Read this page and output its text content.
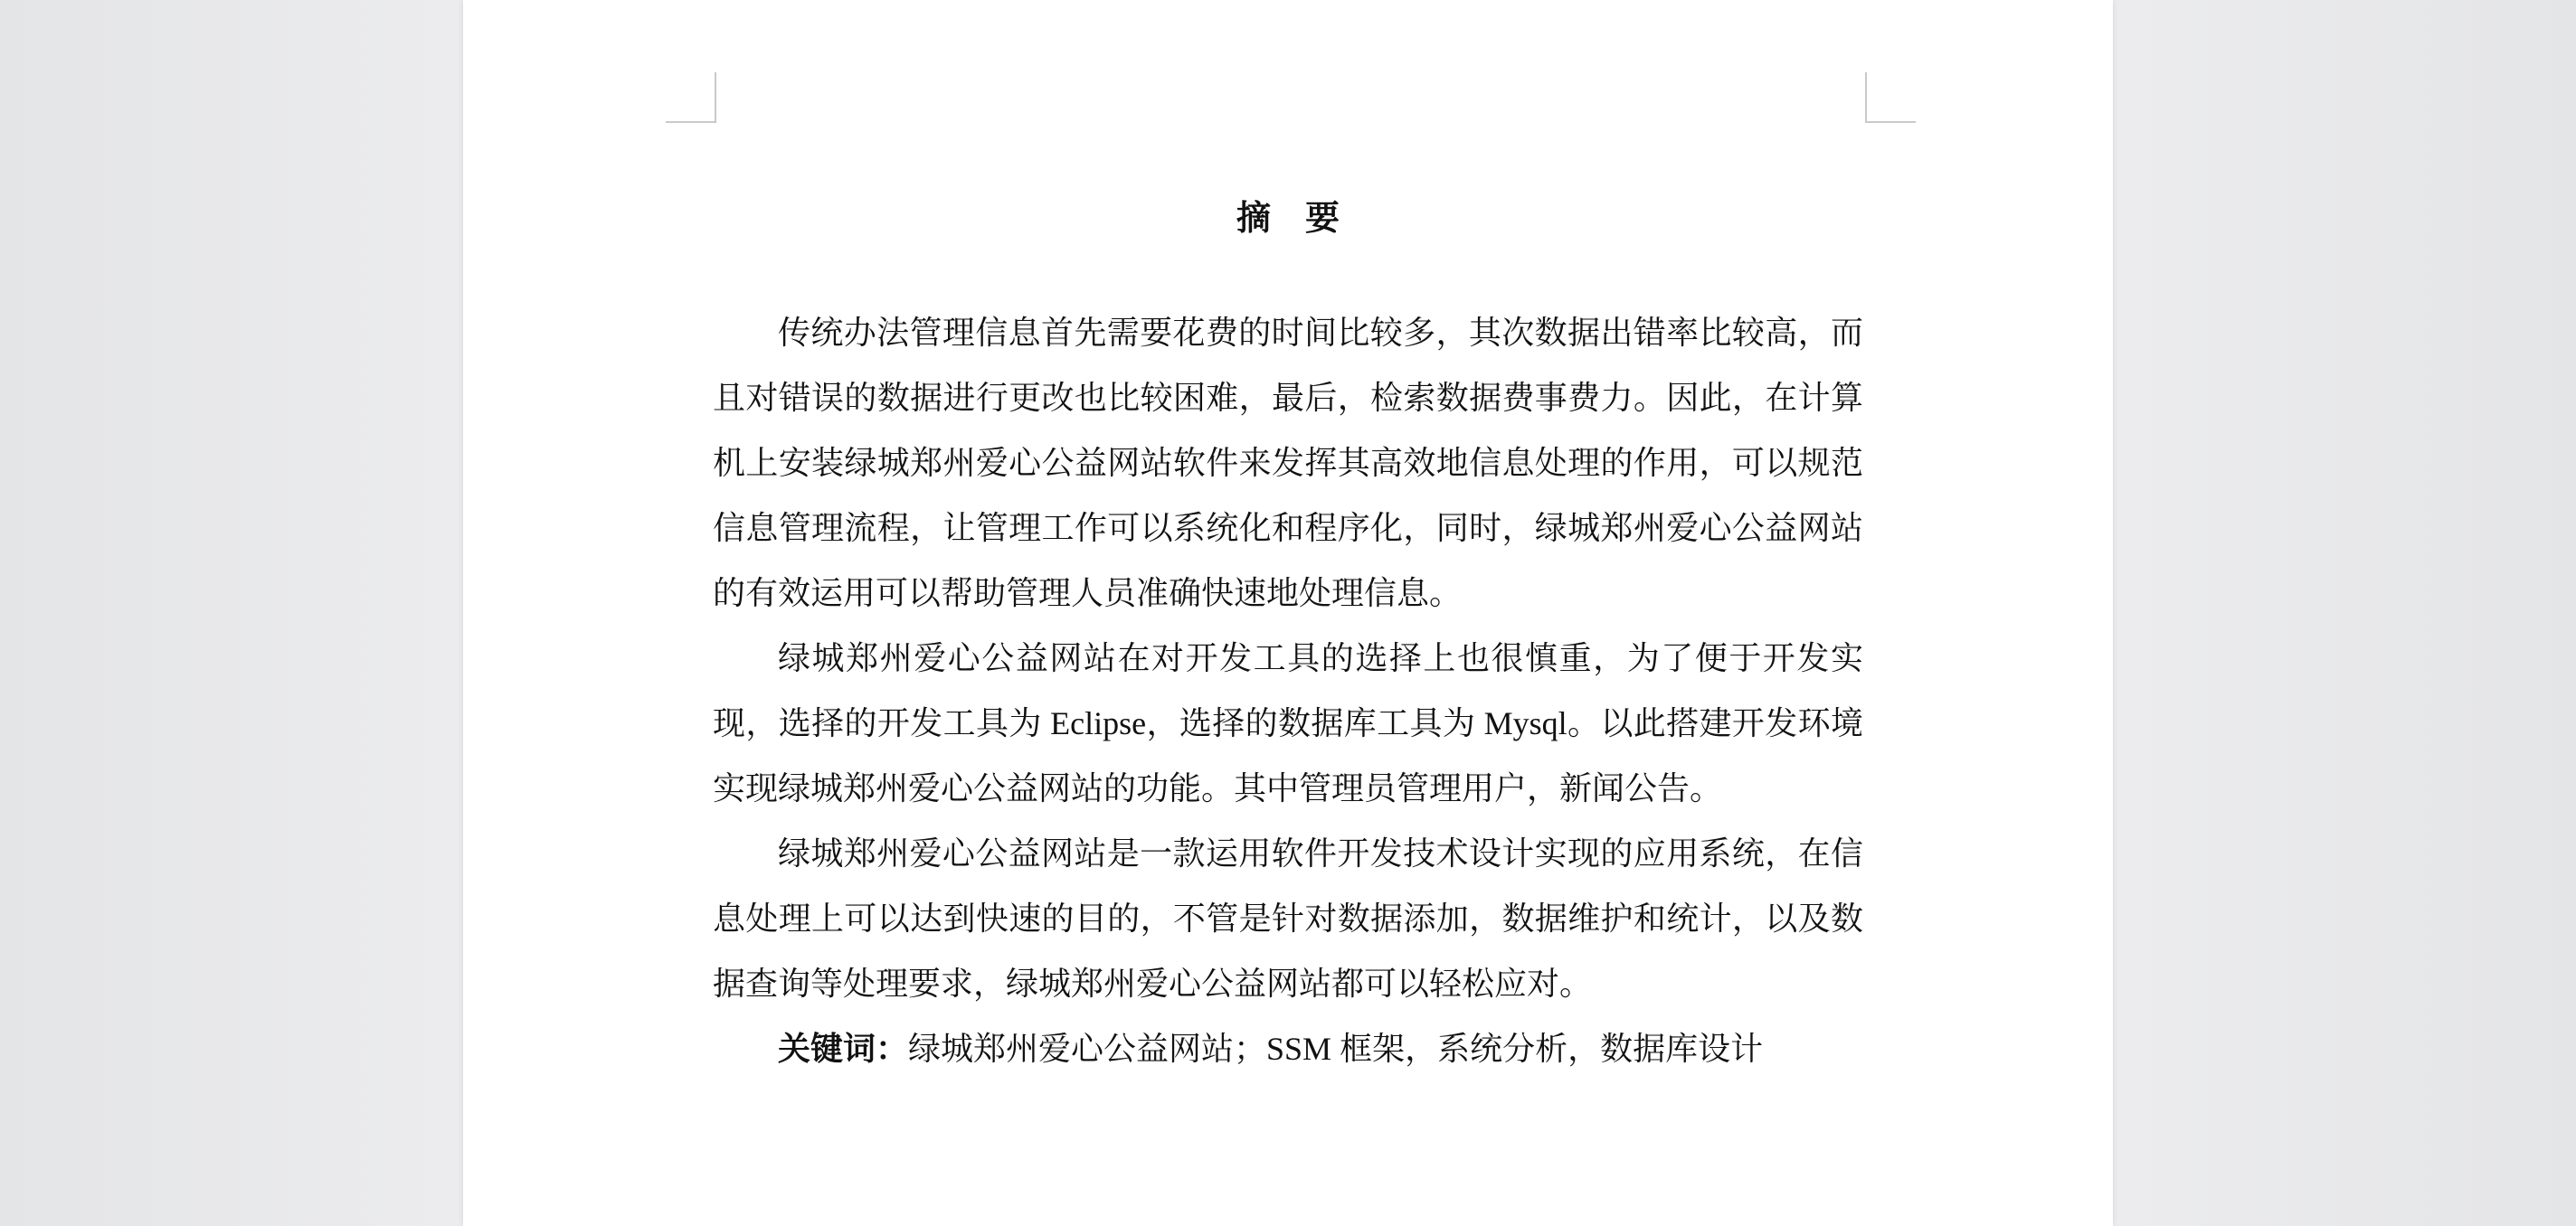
摘 要

传统办法管理信息首先需要花费的时间比较多，其次数据出错率比较高，而且对错误的数据进行更改也比较困难，最后，检索数据费事费力。因此，在计算机上安装绿城郑州爱心公益网站软件来发挥其高效地信息处理的作用，可以规范信息管理流程，让管理工作可以系统化和程序化，同时，绿城郑州爱心公益网站的有效运用可以帮助管理人员准确快速地处理信息。

绿城郑州爱心公益网站在对开发工具的选择上也很慎重，为了便于开发实现，选择的开发工具为 Eclipse，选择的数据库工具为 Mysql。以此搭建开发环境实现绿城郑州爱心公益网站的功能。其中管理员管理用户，新闻公告。

绿城郑州爱心公益网站是一款运用软件开发技术设计实现的应用系统，在信息处理上可以达到快速的目的，不管是针对数据添加，数据维护和统计，以及数据查询等处理要求，绿城郑州爱心公益网站都可以轻松应对。

关键词：绿城郑州爱心公益网站；SSM 框架，系统分析，数据库设计
